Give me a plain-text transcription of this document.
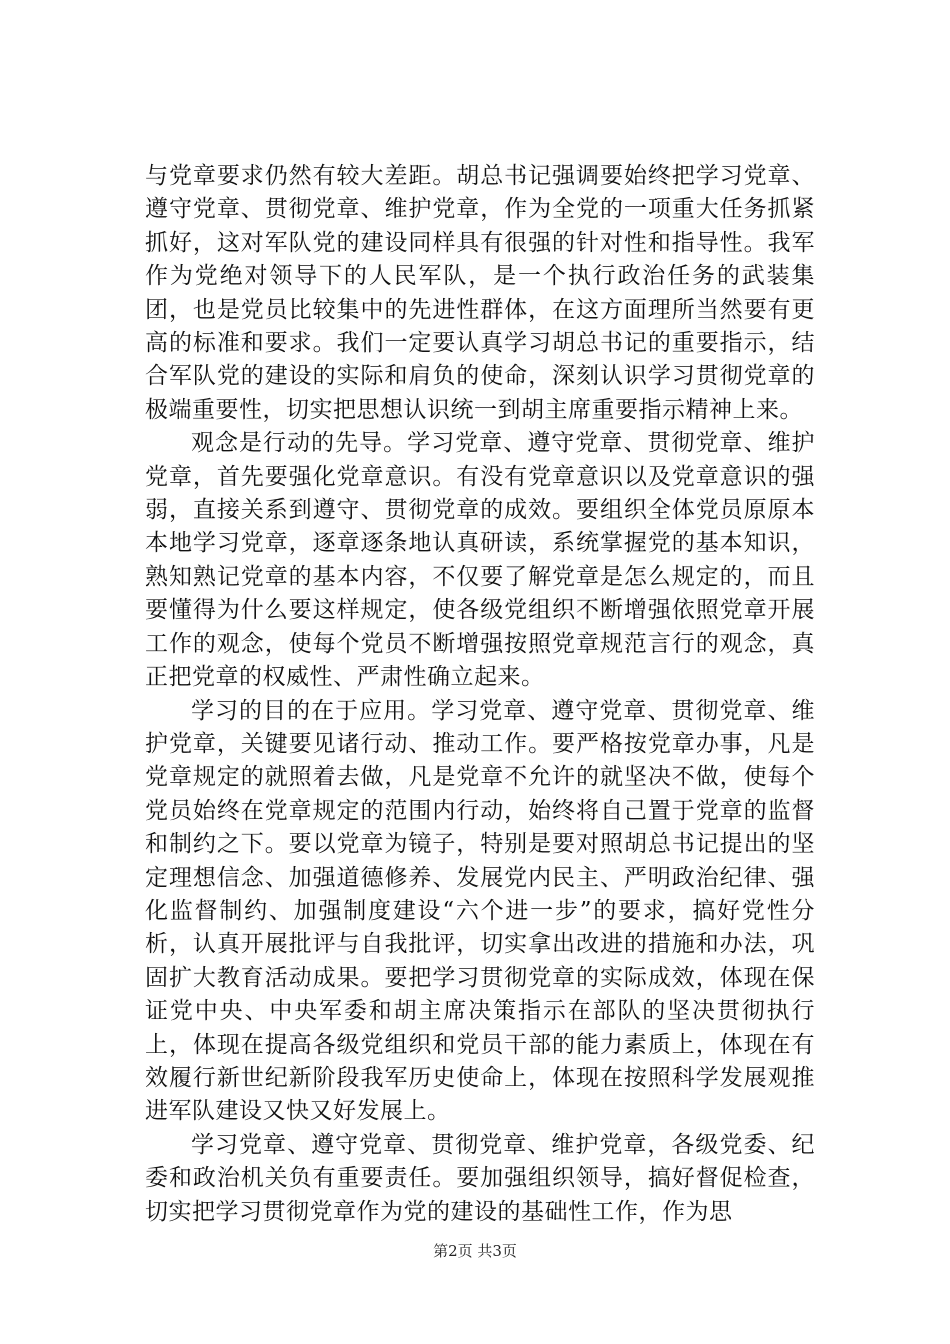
与党章要求仍然有较大差距。胡总书记强调要始终把学习党章、遵守党章、贯彻党章、维护党章，作为全党的一项重大任务抓紧抓好，这对军队党的建设同样具有很强的针对性和指导性。我军作为党绝对领导下的人民军队，是一个执行政治任务的武装集团，也是党员比较集中的先进性群体，在这方面理所当然要有更高的标准和要求。我们一定要认真学习胡总书记的重要指示，结合军队党的建设的实际和肩负的使命，深刻认识学习贯彻党章的极端重要性，切实把思想认识统一到胡主席重要指示精神上来。

观念是行动的先导。学习党章、遵守党章、贯彻党章、维护党章，首先要强化党章意识。有没有党章意识以及党章意识的强弱，直接关系到遵守、贯彻党章的成效。要组织全体党员原原本本地学习党章，逐章逐条地认真研读，系统掌握党的基本知识，熟知熟记党章的基本内容，不仅要了解党章是怎么规定的，而且要懂得为什么要这样规定，使各级党组织不断增强依照党章开展工作的观念，使每个党员不断增强按照党章规范言行的观念，真正把党章的权威性、严肃性确立起来。

学习的目的在于应用。学习党章、遵守党章、贯彻党章、维护党章，关键要见诸行动、推动工作。要严格按党章办事，凡是党章规定的就照着去做，凡是党章不允许的就坚决不做，使每个党员始终在党章规定的范围内行动，始终将自己置于党章的监督和制约之下。要以党章为镜子，特别是要对照胡总书记提出的坚定理想信念、加强道德修养、发展党内民主、严明政治纪律、强化监督制约、加强制度建设“六个进一步”的要求，搞好党性分析，认真开展批评与自我批评，切实拿出改进的措施和办法，巩固扩大教育活动成果。要把学习贯彻党章的实际成效，体现在保证党中央、中央军委和胡主席决策指示在部队的坚决贯彻执行上，体现在提高各级党组织和党员干部的能力素质上，体现在有效履行新世纪新阶段我军历史使命上，体现在按照科学发展观推进军队建设又快又好发展上。

学习党章、遵守党章、贯彻党章、维护党章，各级党委、纪委和政治机关负有重要责任。要加强组织领导，搞好督促检查，切实把学习贯彻党章作为党的建设的基础性工作，作为思

第2页 共3页
